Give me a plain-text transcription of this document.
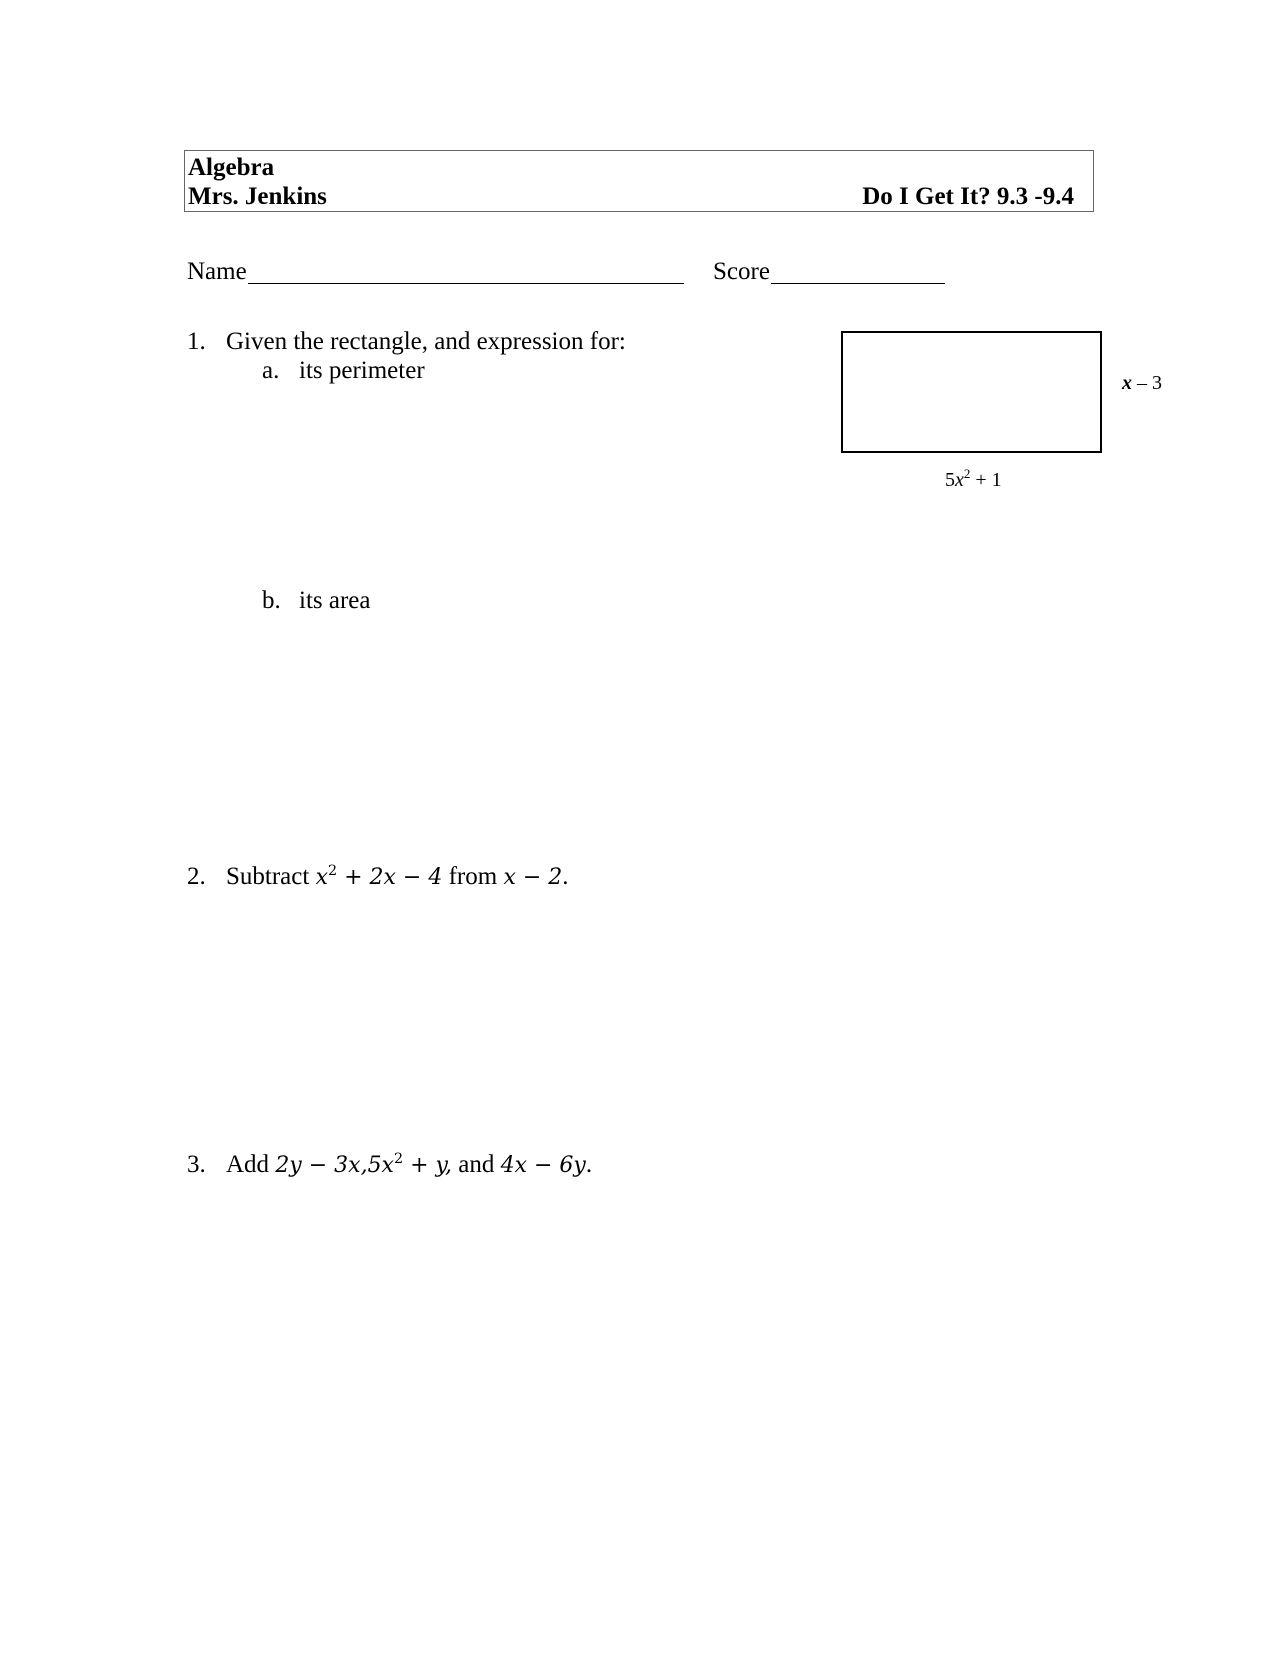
Algebra
Mrs. Jenkins	Do I Get It? 9.3 -9.4
Name	Score
1. Given the rectangle, and expression for:
a. its perimeter	x – 3
$5x^2 + 1$
b. its area
2. Subtract $x^2 + 2x - 4$ from x − 2.
3. Add $2y - 3x,5x^2 + y$, and 4x − 6y.
